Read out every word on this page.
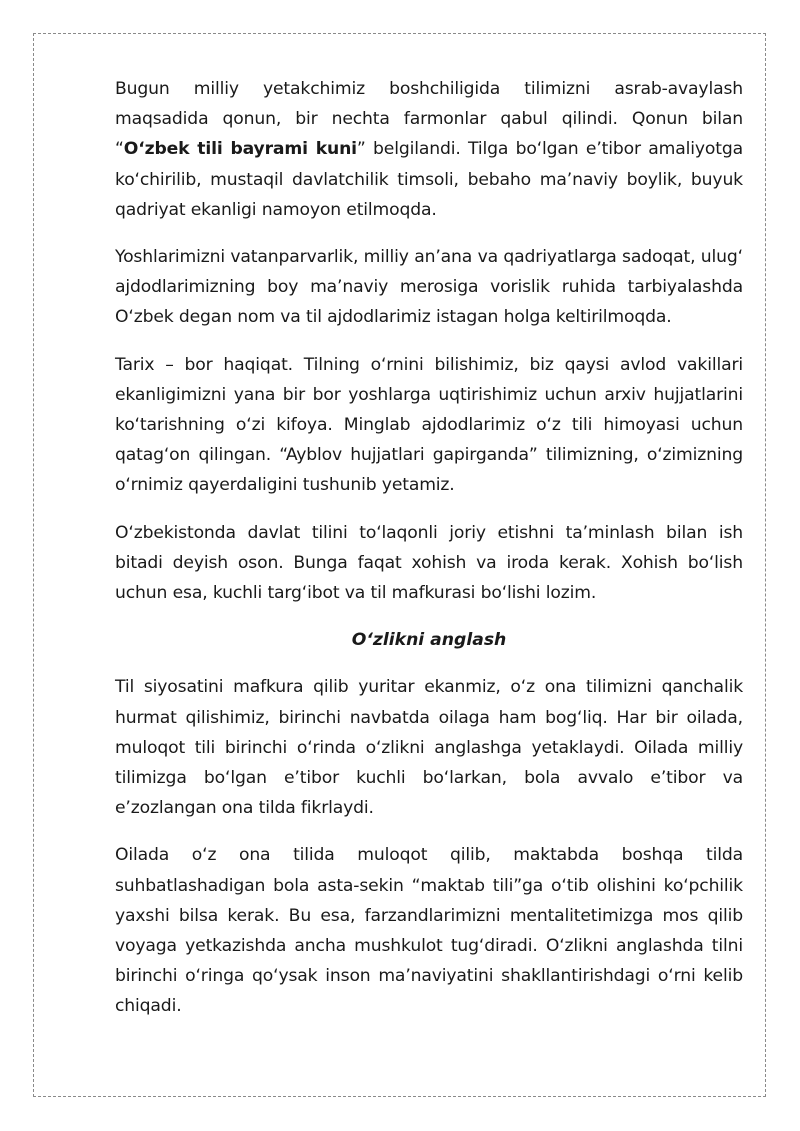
Bugun milliy yetakchimiz boshchiligida tilimizni asrab-avaylash maqsadida qonun, bir nechta farmonlar qabul qilindi. Qonun bilan “O‘zbek tili bayrami kuni” belgilandi. Tilga bo‘lgan e’tibor amaliyotga ko‘chirilib, mustaqil davlatchilik timsoli, bebaho ma’naviy boylik, buyuk qadriyat ekanligi namoyon etilmoqda.

Yoshlarimizni vatanparvarlik, milliy an’ana va qadriyatlarga sadoqat, ulug‘ ajdodlarimizning boy ma’naviy merosiga vorislik ruhida tarbiyalashda O‘zbek degan nom va til ajdodlarimiz istagan holga keltirilmoqda.

Tarix – bor haqiqat. Tilning o‘rnini bilishimiz, biz qaysi avlod vakillari ekanligimizni yana bir bor yoshlarga uqtirishimiz uchun arxiv hujjatlarini ko‘tarishning o‘zi kifoya. Minglab ajdodlarimiz o‘z tili himoyasi uchun qatag‘on qilingan. “Ayblov hujjatlari gapirganda” tilimizning, o‘zimizning o‘rnimiz qayerdaligini tushunib yetamiz.

O‘zbekistonda davlat tilini to‘laqonli joriy etishni ta’minlash bilan ish bitadi deyish oson. Bunga faqat xohish va iroda kerak. Xohish bo‘lish uchun esa, kuchli targ‘ibot va til mafkurasi bo‘lishi lozim.

O‘zlikni anglash

Til siyosatini mafkura qilib yuritar ekanmiz, o‘z ona tilimizni qanchalik hurmat qilishimiz, birinchi navbatda oilaga ham bog‘liq. Har bir oilada, muloqot tili birinchi o‘rinda o‘zlikni anglashga yetaklaydi. Oilada milliy tilimizga bo‘lgan e’tibor kuchli bo‘larkan, bola avvalo e’tibor va e’zozlangan ona tilda fikrlaydi.

Oilada o‘z ona tilida muloqot qilib, maktabda boshqa tilda suhbatlashadigan bola asta-sekin “maktab tili”ga o‘tib olishini ko‘pchilik yaxshi bilsa kerak. Bu esa, farzandlarimizni mentalitetimizga mos qilib voyaga yetkazishda ancha mushkulot tug‘diradi. O‘zlikni anglashda tilni birinchi o‘ringa qo‘ysak inson ma’naviyatini shakllantirishdagi o‘rni kelib chiqadi.
